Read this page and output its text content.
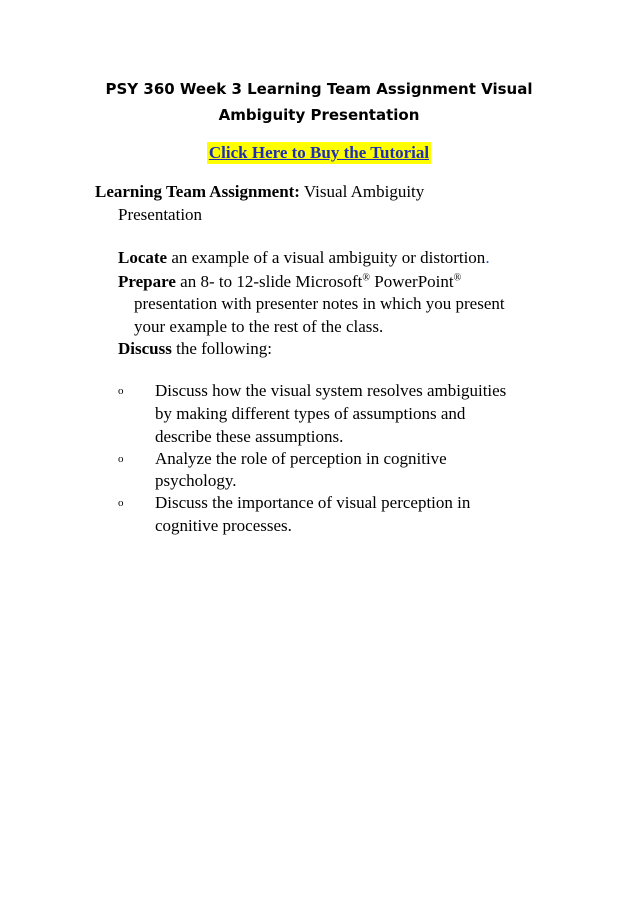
PSY 360 Week 3 Learning Team Assignment Visual
Ambiguity Presentation
Click Here to Buy the Tutorial
Learning Team Assignment: Visual Ambiguity
Presentation
Locate an example of a visual ambiguity or distortion.
Prepare an 8- to 12-slide Microsoft® PowerPoint®
presentation with presenter notes in which you present
your example to the rest of the class.
Discuss the following:
o Discuss how the visual system resolves ambiguities
by making different types of assumptions and
describe these assumptions.
o Analyze the role of perception in cognitive
psychology.
o Discuss the importance of visual perception in
cognitive processes.
